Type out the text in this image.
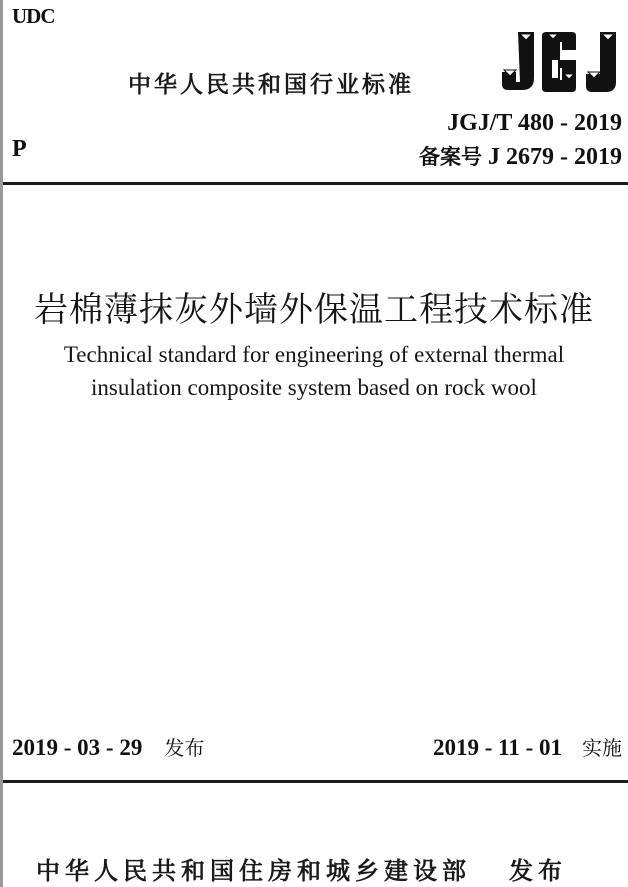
UDC
中华人民共和国行业标准
JGJ/T 480 - 2019
P	备案号 J 2679 - 2019
岩棉薄抹灰外墙外保温工程技术标准
Technical standard for engineering of external thermal
insulation composite system based on rock wool
2019 - 03 - 29 发布	2019 - 11 - 01 实施
中华人民共和国住房和城乡建设部 发布
